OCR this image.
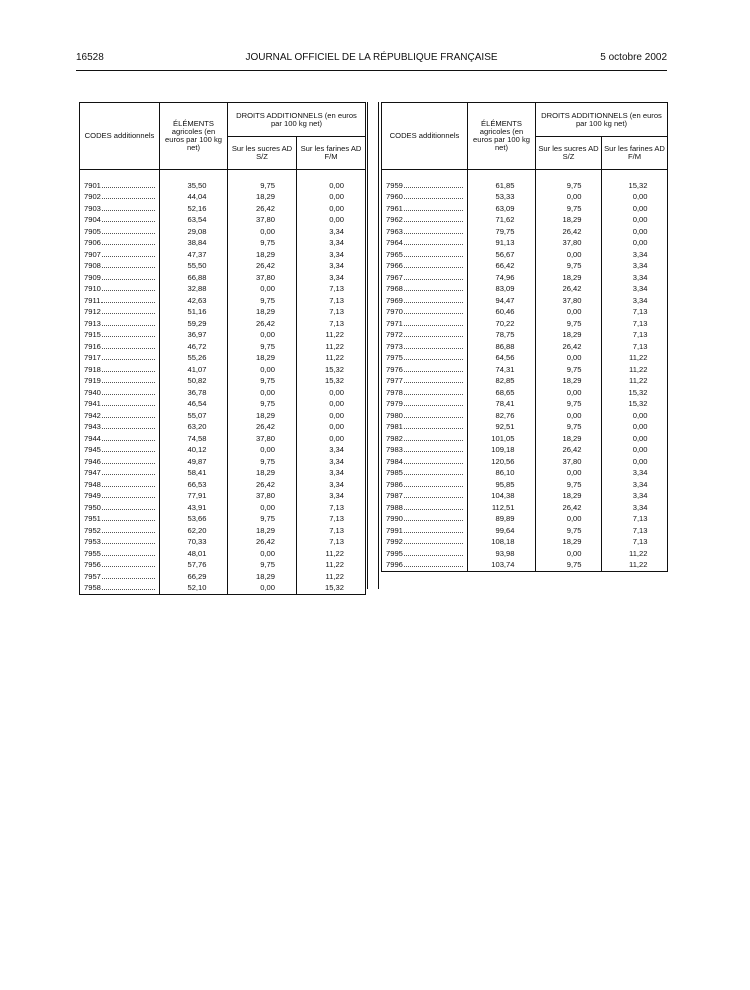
16528	JOURNAL OFFICIEL DE LA RÉPUBLIQUE FRANÇAISE	5 octobre 2002
CODES additionnels	ÉLÉMENTS agricoles (en euros par 100 kg net)	DROITS ADDITIONNELS (en euros par 100 kg net)	
		Sur les sucres AD S/Z	Sur les farines AD F/M

7901	35,50	9,75	0,00

7902	44,04	18,29	0,00

7903	52,16	26,42	0,00

7904	63,54	37,80	0,00

7905	29,08	0,00	3,34

7906	38,84	9,75	3,34

7907	47,37	18,29	3,34

7908	55,50	26,42	3,34

7909	66,88	37,80	3,34

7910	32,88	0,00	7,13

7911	42,63	9,75	7,13

7912	51,16	18,29	7,13

7913	59,29	26,42	7,13

7915	36,97	0,00	11,22

7916	46,72	9,75	11,22

7917	55,26	18,29	11,22

7918	41,07	0,00	15,32

7919	50,82	9,75	15,32

7940	36,78	0,00	0,00

7941	46,54	9,75	0,00

7942	55,07	18,29	0,00

7943	63,20	26,42	0,00

7944	74,58	37,80	0,00

7945	40,12	0,00	3,34

7946	49,87	9,75	3,34

7947	58,41	18,29	3,34

7948	66,53	26,42	3,34

7949	77,91	37,80	3,34

7950	43,91	0,00	7,13

7951	53,66	9,75	7,13

7952	62,20	18,29	7,13

7953	70,33	26,42	7,13

7955	48,01	0,00	11,22

7956	57,76	9,75	11,22

7957	66,29	18,29	11,22

7958	52,10	0,00	15,32
CODES additionnels	ÉLÉMENTS agricoles (en euros par 100 kg net)	DROITS ADDITIONNELS (en euros par 100 kg net)	
		Sur les sucres AD S/Z	Sur les farines AD F/M

7959	61,85	9,75	15,32

7960	53,33	0,00	0,00

7961	63,09	9,75	0,00

7962	71,62	18,29	0,00

7963	79,75	26,42	0,00

7964	91,13	37,80	0,00

7965	56,67	0,00	3,34

7966	66,42	9,75	3,34

7967	74,96	18,29	3,34

7968	83,09	26,42	3,34

7969	94,47	37,80	3,34

7970	60,46	0,00	7,13

7971	70,22	9,75	7,13

7972	78,75	18,29	7,13

7973	86,88	26,42	7,13

7975	64,56	0,00	11,22

7976	74,31	9,75	11,22

7977	82,85	18,29	11,22

7978	68,65	0,00	15,32

7979	78,41	9,75	15,32

7980	82,76	0,00	0,00

7981	92,51	9,75	0,00

7982	101,05	18,29	0,00

7983	109,18	26,42	0,00

7984	120,56	37,80	0,00

7985	86,10	0,00	3,34

7986	95,85	9,75	3,34

7987	104,38	18,29	3,34

7988	112,51	26,42	3,34

7990	89,89	0,00	7,13

7991	99,64	9,75	7,13

7992	108,18	18,29	7,13

7995	93,98	0,00	11,22

7996	103,74	9,75	11,22
